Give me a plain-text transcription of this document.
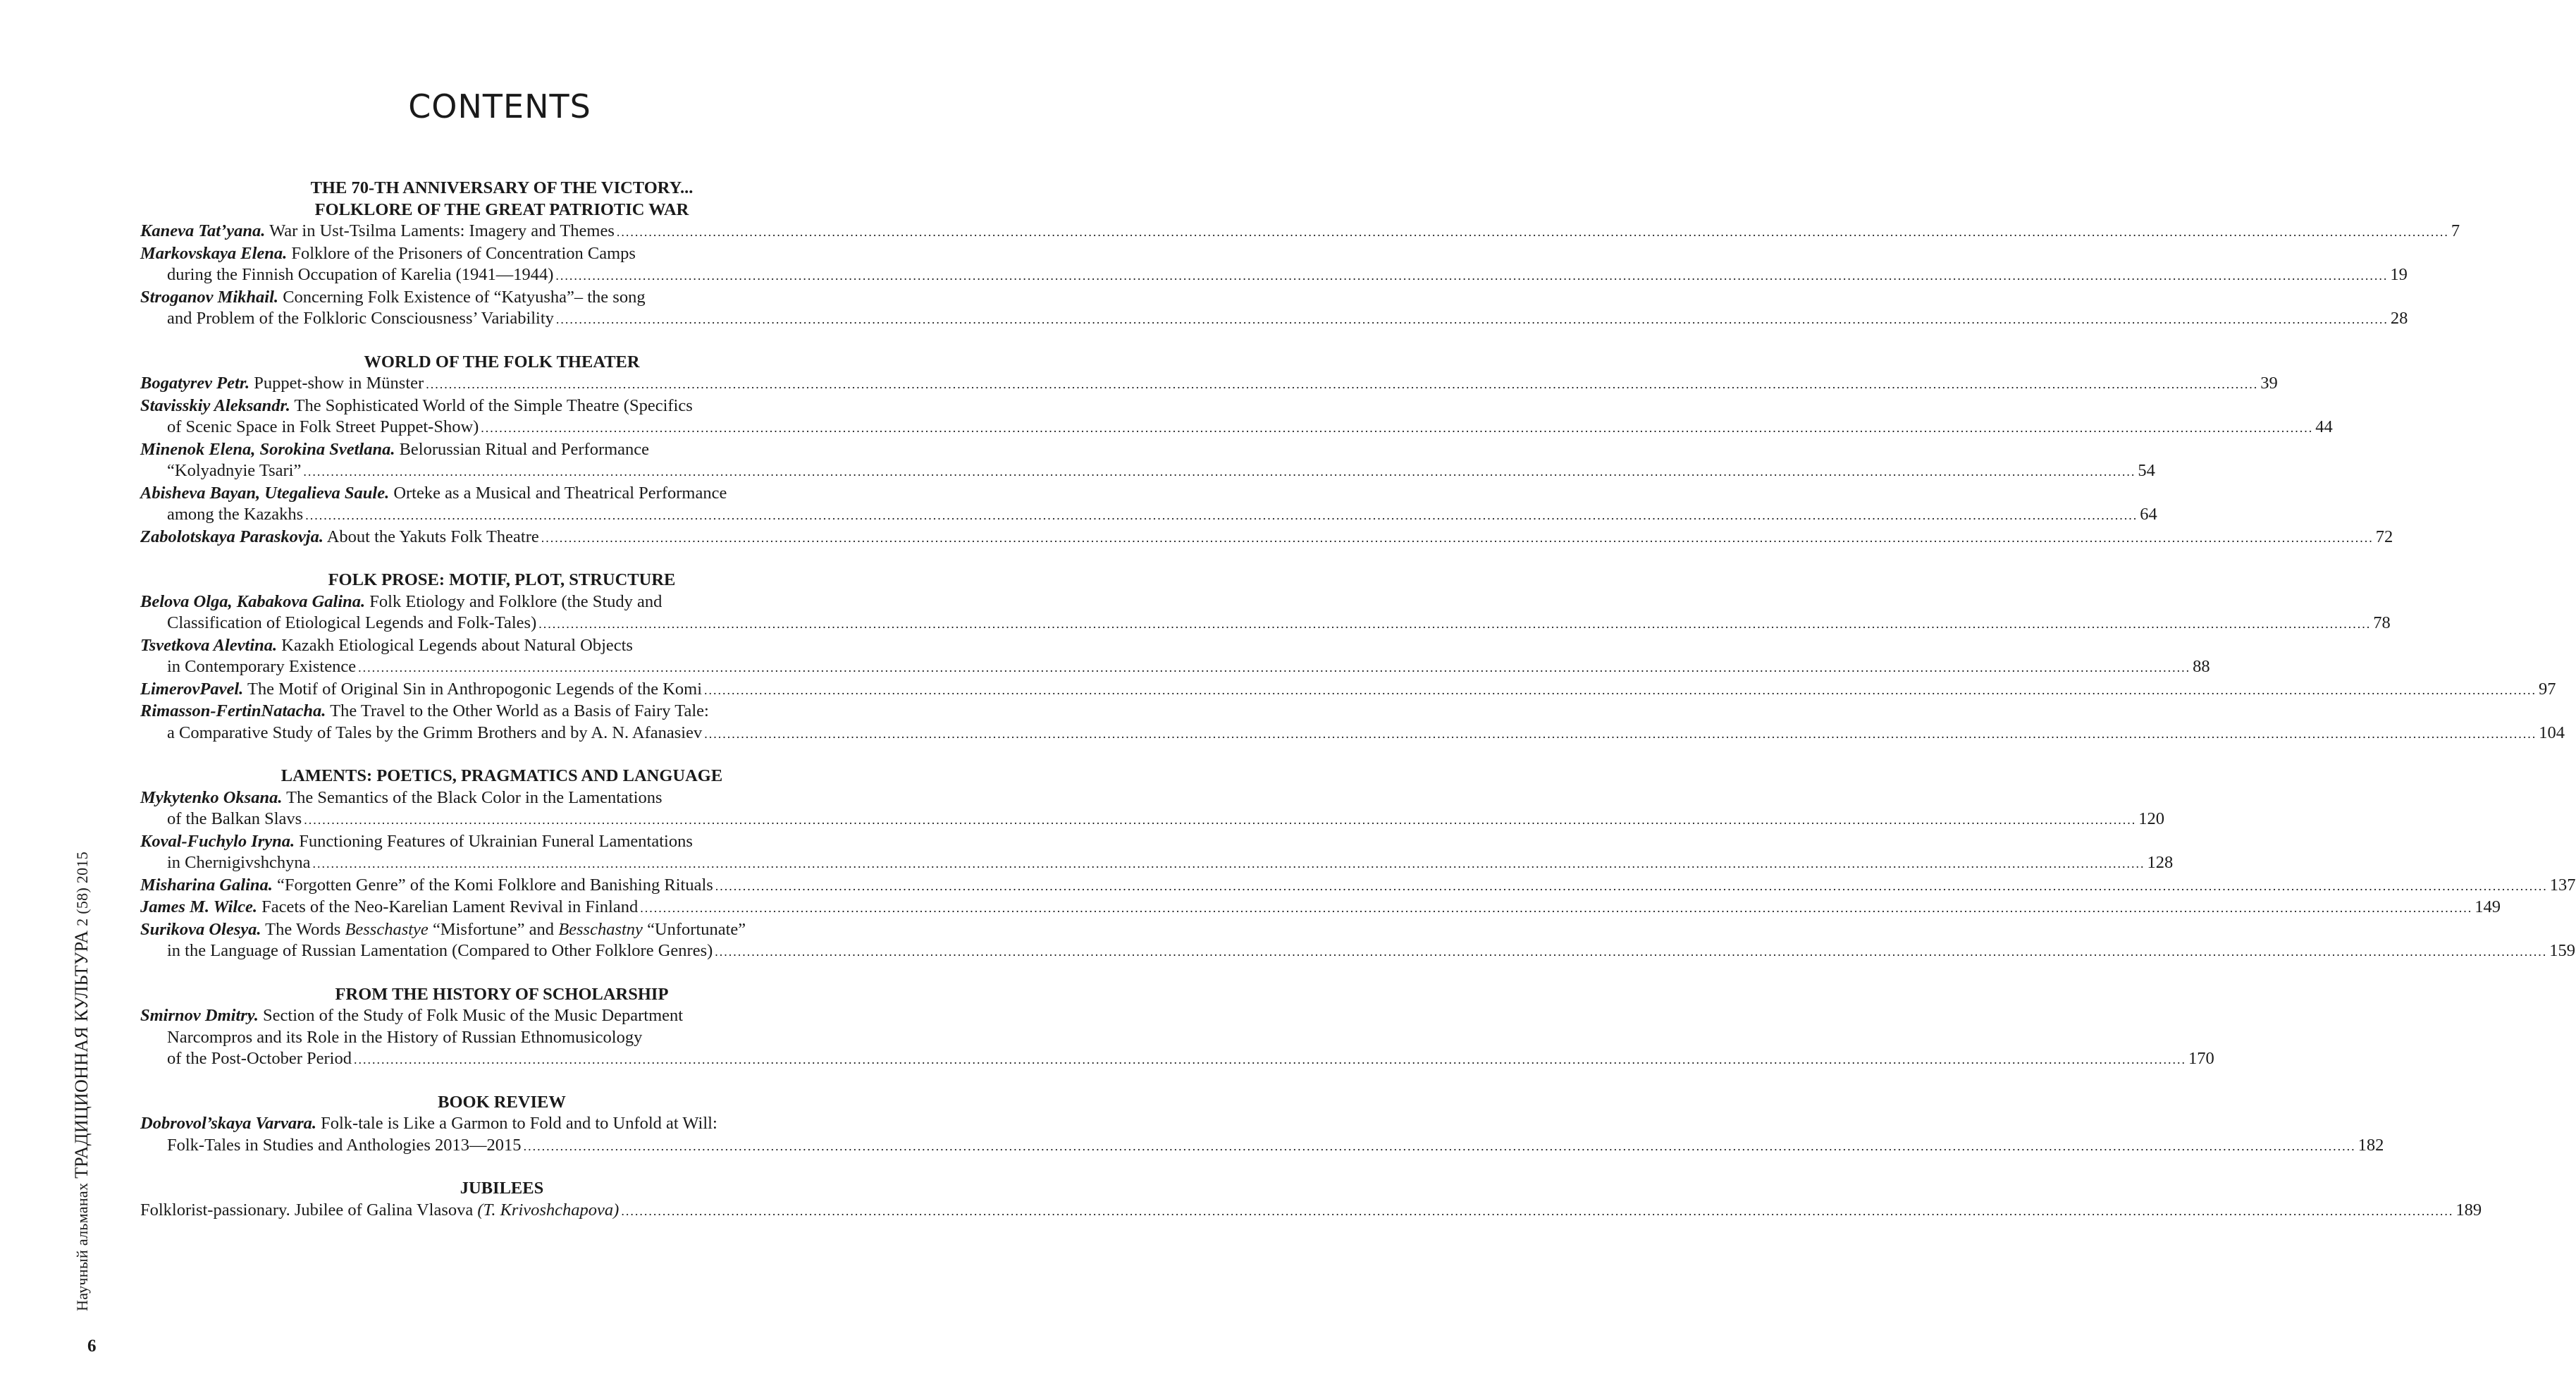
CONTENTS
THE 70-TH ANNIVERSARY OF THE VICTORY...
FOLKLORE OF THE GREAT PATRIOTIC WAR
Kaneva Tat’yana. War in Ust-Tsilma Laments: Imagery and Themes ................................................................................................................................................................................................................................................................................................................................................................................................................ 7
Markovskaya Elena. Folklore of the Prisoners of Concentration Camps
during the Finnish Occupation of Karelia (1941—1944) ................................................................................................................................................................................................................................................................................................................................................................................................................ 19
Stroganov Mikhail. Concerning Folk Existence of “Katyusha”– the song
and Problem of the Folkloric Consciousness’ Variability ................................................................................................................................................................................................................................................................................................................................................................................................................ 28
WORLD OF THE FOLK THEATER
Bogatyrev Petr. Puppet-show in Münster ................................................................................................................................................................................................................................................................................................................................................................................................................ 39
Stavisskiy Aleksandr. The Sophisticated World of the Simple Theatre (Specifics
of Scenic Space in Folk Street Puppet-Show) ................................................................................................................................................................................................................................................................................................................................................................................................................ 44
Minenok Elena, Sorokina Svetlana. Belorussian Ritual and Performance
“Kolyadnyie Tsari” ................................................................................................................................................................................................................................................................................................................................................................................................................ 54
Abisheva Bayan, Utegalieva Saule. Orteke as a Musical and Theatrical Performance
among the Kazakhs ................................................................................................................................................................................................................................................................................................................................................................................................................ 64
Zabolotskaya Paraskovja. About the Yakuts Folk Theatre ................................................................................................................................................................................................................................................................................................................................................................................................................ 72
FOLK PROSE: MOTIF, PLOT, STRUCTURE
Belova Olga, Kabakova Galina. Folk Etiology and Folklore (the Study and
Classification of Etiological Legends and Folk-Tales) ................................................................................................................................................................................................................................................................................................................................................................................................................ 78
Tsvetkova Alevtina. Kazakh Etiological Legends about Natural Objects
in Contemporary Existence ................................................................................................................................................................................................................................................................................................................................................................................................................ 88
LimerovPavel. The Motif of Original Sin in Anthropogonic Legends of the Komi ................................................................................................................................................................................................................................................................................................................................................................................................................ 97
Rimasson-FertinNatacha. The Travel to the Other World as a Basis of Fairy Tale:
a Comparative Study of Tales by the Grimm Brothers and by A. N. Afanasiev ................................................................................................................................................................................................................................................................................................................................................................................................................ 104
LAMENTS: POETICS, PRAGMATICS AND LANGUAGE
Mykytenko Oksana. The Semantics of the Black Color in the Lamentations
of the Balkan Slavs ................................................................................................................................................................................................................................................................................................................................................................................................................ 120
Koval-Fuchylo Iryna. Functioning Features of Ukrainian Funeral Lamentations
in Chernigivshchyna ................................................................................................................................................................................................................................................................................................................................................................................................................ 128
Misharina Galina. “Forgotten Genre” of the Komi Folklore and Banishing Rituals ................................................................................................................................................................................................................................................................................................................................................................................................................ 137
James M. Wilce. Facets of the Neo-Karelian Lament Revival in Finland ................................................................................................................................................................................................................................................................................................................................................................................................................ 149
Surikova Olesya. The Words Besschastye “Misfortune” and Besschastny “Unfortunate”
in the Language of Russian Lamentation (Compared to Other Folklore Genres) ................................................................................................................................................................................................................................................................................................................................................................................................................ 159
FROM THE HISTORY OF SCHOLARSHIP
Smirnov Dmitry. Section of the Study of Folk Music of the Music Department
Narcompros and its Role in the History of Russian Ethnomusicology
of the Post-October Period ................................................................................................................................................................................................................................................................................................................................................................................................................ 170
BOOK REVIEW
Dobrovol’skaya Varvara. Folk-tale is Like a Garmon to Fold and to Unfold at Will:
Folk-Tales in Studies and Anthologies 2013—2015 ................................................................................................................................................................................................................................................................................................................................................................................................................ 182
JUBILEES
Folklorist-passionary. Jubilee of Galina Vlasova (T. Krivoshchapova) ................................................................................................................................................................................................................................................................................................................................................................................................................ 189
Научный альманах ТРАДИЦИОННАЯ КУЛЬТУРА 2 (58) 2015
6
